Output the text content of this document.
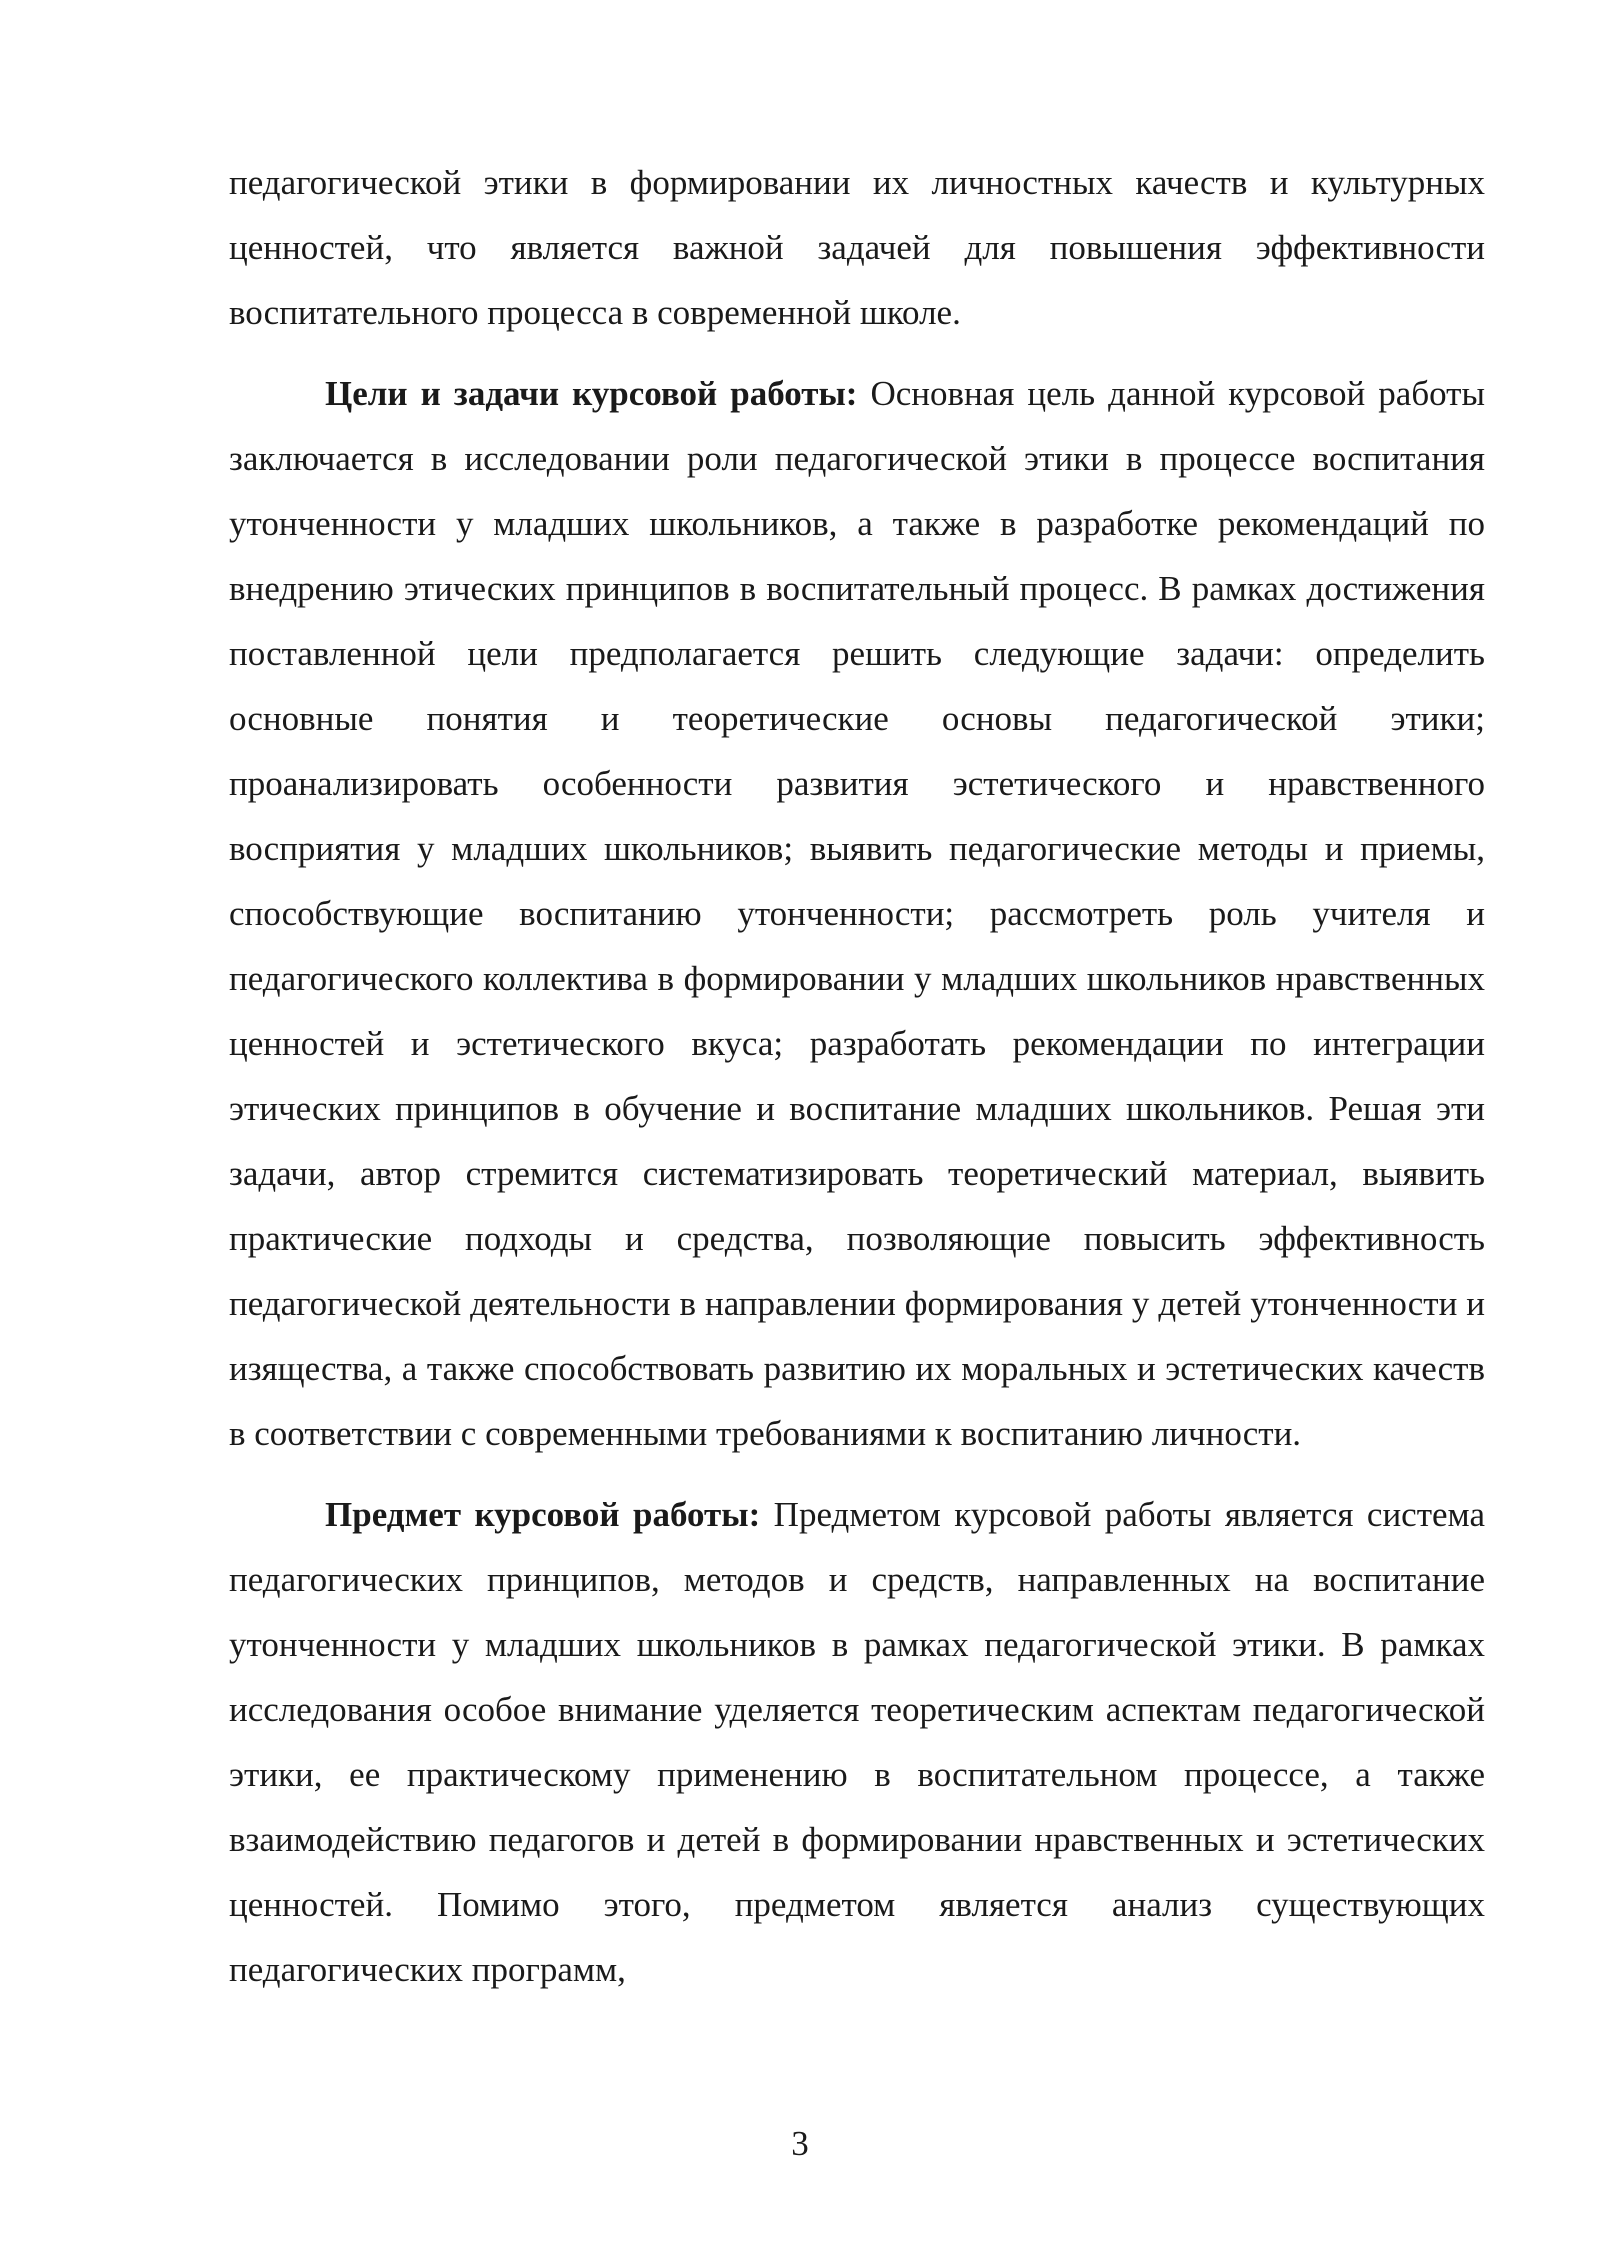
педагогической этики в формировании их личностных качеств и культурных ценностей, что является важной задачей для повышения эффективности воспитательного процесса в современной школе.

Цели и задачи курсовой работы: Основная цель данной курсовой работы заключается в исследовании роли педагогической этики в процессе воспитания утонченности у младших школьников, а также в разработке рекомендаций по внедрению этических принципов в воспитательный процесс. В рамках достижения поставленной цели предполагается решить следующие задачи: определить основные понятия и теоретические основы педагогической этики; проанализировать особенности развития эстетического и нравственного восприятия у младших школьников; выявить педагогические методы и приемы, способствующие воспитанию утонченности; рассмотреть роль учителя и педагогического коллектива в формировании у младших школьников нравственных ценностей и эстетического вкуса; разработать рекомендации по интеграции этических принципов в обучение и воспитание младших школьников. Решая эти задачи, автор стремится систематизировать теоретический материал, выявить практические подходы и средства, позволяющие повысить эффективность педагогической деятельности в направлении формирования у детей утонченности и изящества, а также способствовать развитию их моральных и эстетических качеств в соответствии с современными требованиями к воспитанию личности.

Предмет курсовой работы: Предметом курсовой работы является система педагогических принципов, методов и средств, направленных на воспитание утонченности у младших школьников в рамках педагогической этики. В рамках исследования особое внимание уделяется теоретическим аспектам педагогической этики, ее практическому применению в воспитательном процессе, а также взаимодействию педагогов и детей в формировании нравственных и эстетических ценностей. Помимо этого, предметом является анализ существующих педагогических программ,

3
